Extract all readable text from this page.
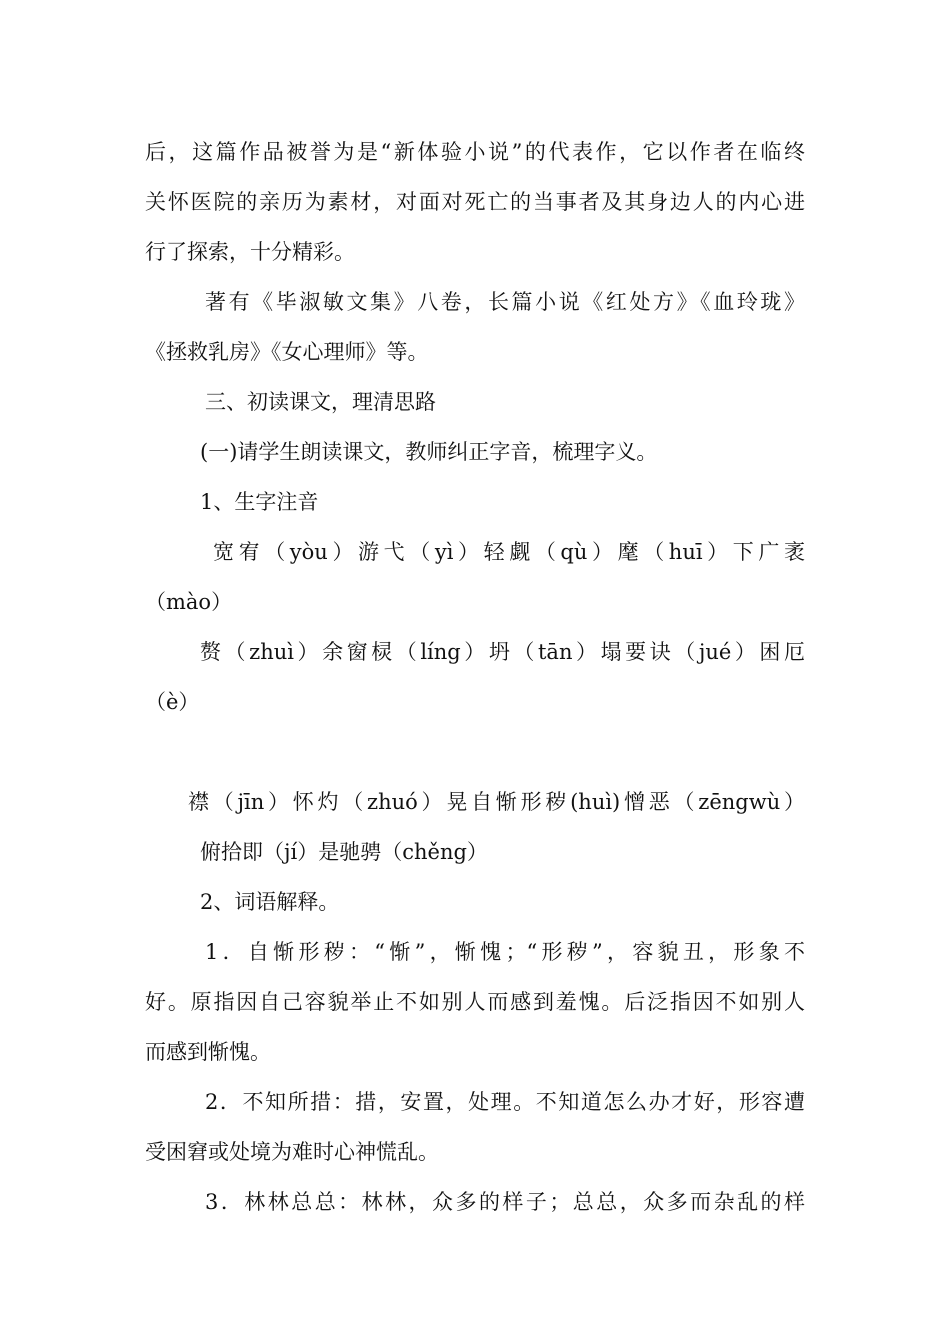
后，这篇作品被誉为是“新体验小说”的代表作，它以作者在临终
关怀医院的亲历为素材，对面对死亡的当事者及其身边人的内心进
行了探索，十分精彩。
著有《毕淑敏文集》八卷，长篇小说《红处方》《血玲珑》
《拯救乳房》《女心理师》等。
三、初读课文，理清思路
(一)请学生朗读课文，教师纠正字音，梳理字义。
1、生字注音
宽宥（yòu）游弋（yì）轻觑（qù）麾（huī）下广袤
（mào）
赘（zhuì）余窗棂（líng）坍（tān）塌要诀（jué）困厄
（è）
襟（jīn）怀灼（zhuó）晃自惭形秽(huì)憎恶（zēngwù）
俯拾即（jí）是驰骋（chěng）
2、词语解释。
1．自惭形秽：“惭”，惭愧；“形秽”，容貌丑，形象不
好。原指因自己容貌举止不如别人而感到羞愧。后泛指因不如别人
而感到惭愧。
2．不知所措：措，安置，处理。不知道怎么办才好，形容遭
受困窘或处境为难时心神慌乱。
3．林林总总：林林，众多的样子；总总，众多而杂乱的样
